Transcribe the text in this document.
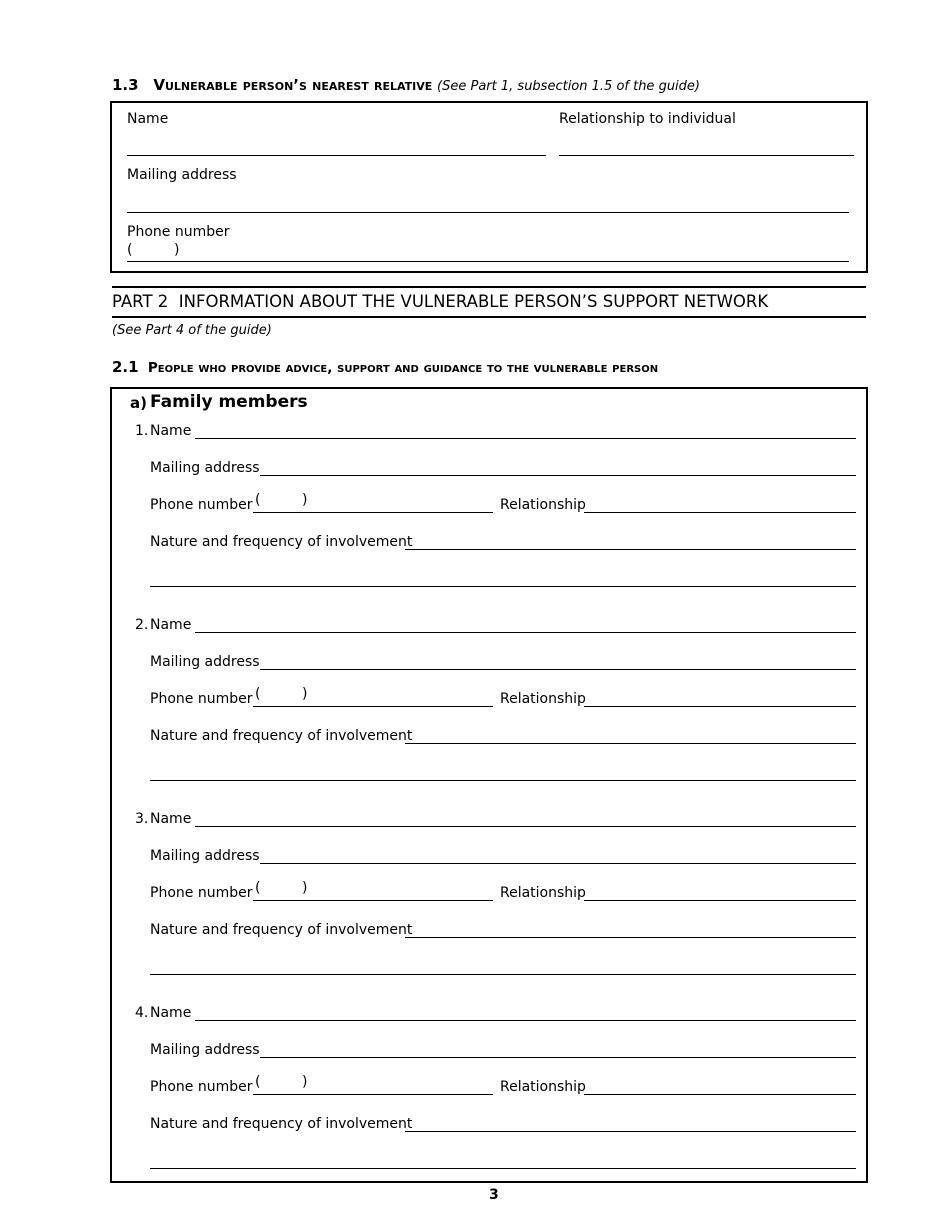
1.3 Vulnerable person’s nearest relative (See Part 1, subsection 1.5 of the guide)
Name	Relationship to individual
Mailing address
Phone number
(	)
PART 2  INFORMATION ABOUT THE VULNERABLE PERSON’S SUPPORT NETWORK
(See Part 4 of the guide)
2.1 People who provide advice, support and guidance to the vulnerable person
a) Family members
1. Name
Mailing address
Phone number (	)	Relationship
Nature and frequency of involvement
2. Name
Mailing address
Phone number (	)	Relationship
Nature and frequency of involvement
3. Name
Mailing address
Phone number (	)	Relationship
Nature and frequency of involvement
4. Name
Mailing address
Phone number (	)	Relationship
Nature and frequency of involvement
3
